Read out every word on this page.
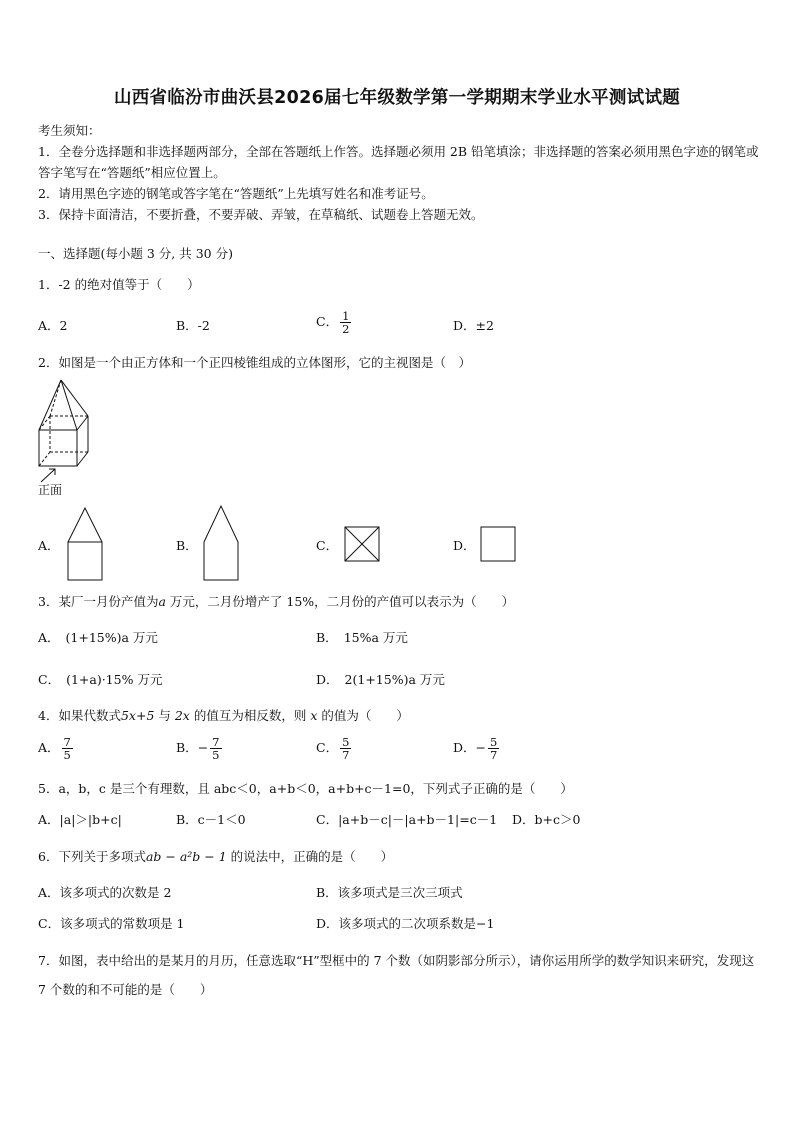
山西省临汾市曲沃县2026届七年级数学第一学期期末学业水平测试试题

考生须知：

1．全卷分选择题和非选择题两部分，全部在答题纸上作答。选择题必须用 2B 铅笔填涂；非选择题的答案必须用黑色字迹的钢笔或答字笔写在“答题纸”相应位置上。

2．请用黑色字迹的钢笔或答字笔在“答题纸”上先填写姓名和准考证号。

3．保持卡面清洁，不要折叠，不要弄破、弄皱，在草稿纸、试题卷上答题无效。

一、选择题(每小题 3 分, 共 30 分)
1．-2 的绝对值等于（　　）
A．2	B．-2	C． $\frac{1}{2}$	D．±2
2．如图是一个由正方体和一个正四棱锥组成的立体图形，它的主视图是（　）
正面
A．	B．	C．	D．
3．某厂一月份产值为a 万元，二月份增产了 15%，二月份的产值可以表示为（　　）
A． (1+15%)a 万元	B． 15%a 万元
C． (1+a)·15% 万元	D． 2(1+15%)a 万元
4．如果代数式5x+5 与 2x 的值互为相反数，则 x 的值为（　　）
A． $\frac{7}{5}$	B．− $\frac{7}{5}$	C． $\frac{5}{7}$	D．− $\frac{5}{7}$
5．a，b，c 是三个有理数，且 abc＜0，a+b＜0，a+b+c－1=0，下列式子正确的是（　　）
A．|a|＞|b+c|	B．c－1＜0	C．|a+b－c|－|a+b－1|=c－1 D．b+c＞0
6．下列关于多项式ab − a²b − 1 的说法中，正确的是（　　）
A．该多项式的次数是 2	B．该多项式是三次三项式
C．该多项式的常数项是 1	D．该多项式的二次项系数是−1
7．如图，表中给出的是某月的月历，任意选取“H”型框中的 7 个数（如阴影部分所示），请你运用所学的数学知识来研究，发现这 7 个数的和不可能的是（　　）
